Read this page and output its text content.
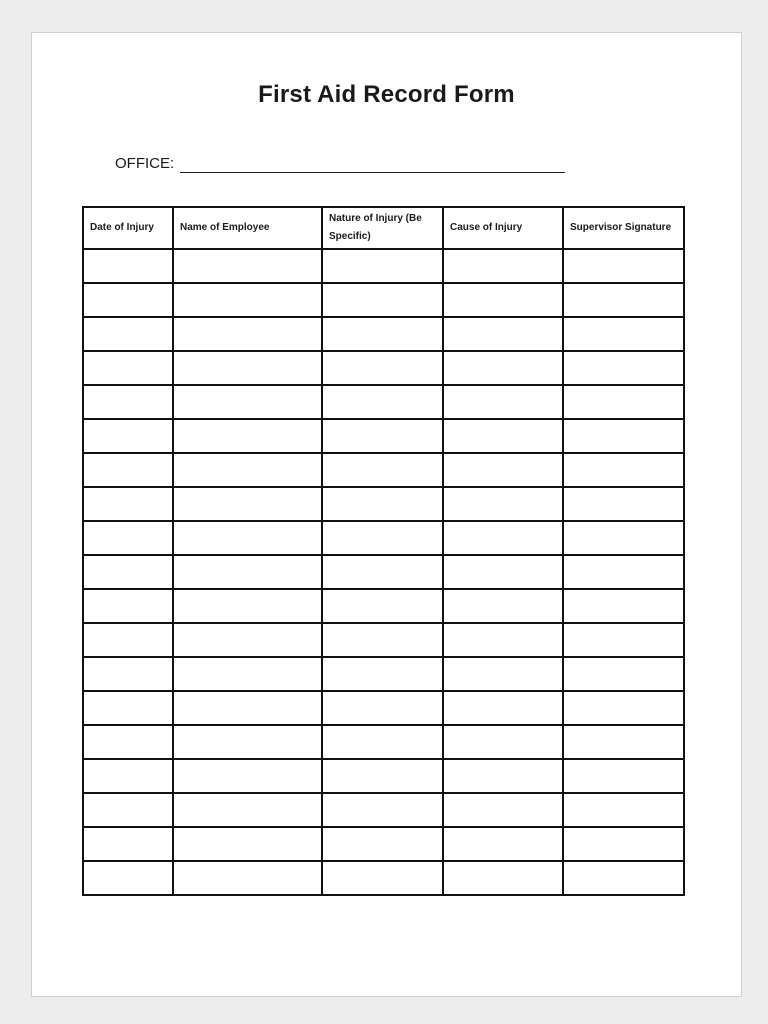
First Aid Record Form
OFFICE:
Date of Injury	Name of Employee	Nature of Injury (Be Specific)	Cause of Injury	Supervisor Signature
